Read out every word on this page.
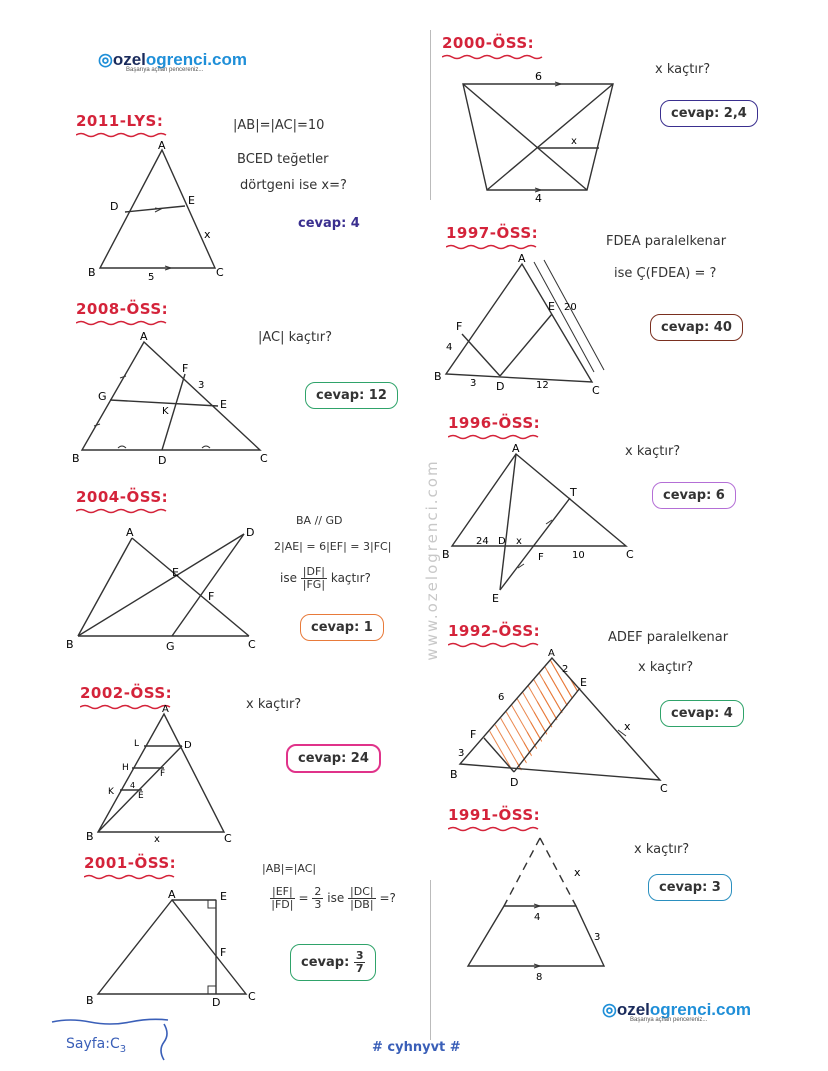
◎ozelogrenci.com
Başarıya açılan pencereniz...
www.ozelogrenci.com
2011-LYS:	|AB|=|AC|=10
BCED teğetler
dörtgeni ise x=?
cevap: 4
A
B	C
D	E
x
5
2008-ÖSS:
|AC| kaçtır?
cevap: 12
A
B	C
D
E
F
G
K
3
2004-ÖSS:
BA // GD
2|AE| = 6|EF| = 3|FC|
ise $\frac{|DF|}{|FG|}$ kaçtır?
cevap: 1
A
B	C
D
E
F
G
2002-ÖSS:
x kaçtır?
cevap: 24
A
B	C
D
E
F
H
K
L
x
4
2001-ÖSS:	|AB|=|AC|
$\frac{|EF|}{|FD|} = \frac{2}{3}$ ise $\frac{|DC|}{|DB|}$ =?
cevap: $\frac{3}{7}$
A
B	C
D
E
F
2000-ÖSS:
x kaçtır?
cevap: 2,4
6
x
4
1997-ÖSS:	FDEA paralelkenar
ise Ç(FDEA) = ?
cevap: 40
A
B
C
D
E
F
4
3	12
20
1996-ÖSS:
x kaçtır?
cevap: 6
A
B	C
D
E
F
T
24	x
10
1992-ÖSS:	ADEF paralelkenar
x kaçtır?
cevap: 4
A
B
C
D
E
F
2
6
3
x
1991-ÖSS:
x kaçtır?
cevap: 3
x
4
3
8
◎ozelogrenci.com
Başarıya açılan pencereniz...
$Sayfa:C_3$	# cyhnyvt #
